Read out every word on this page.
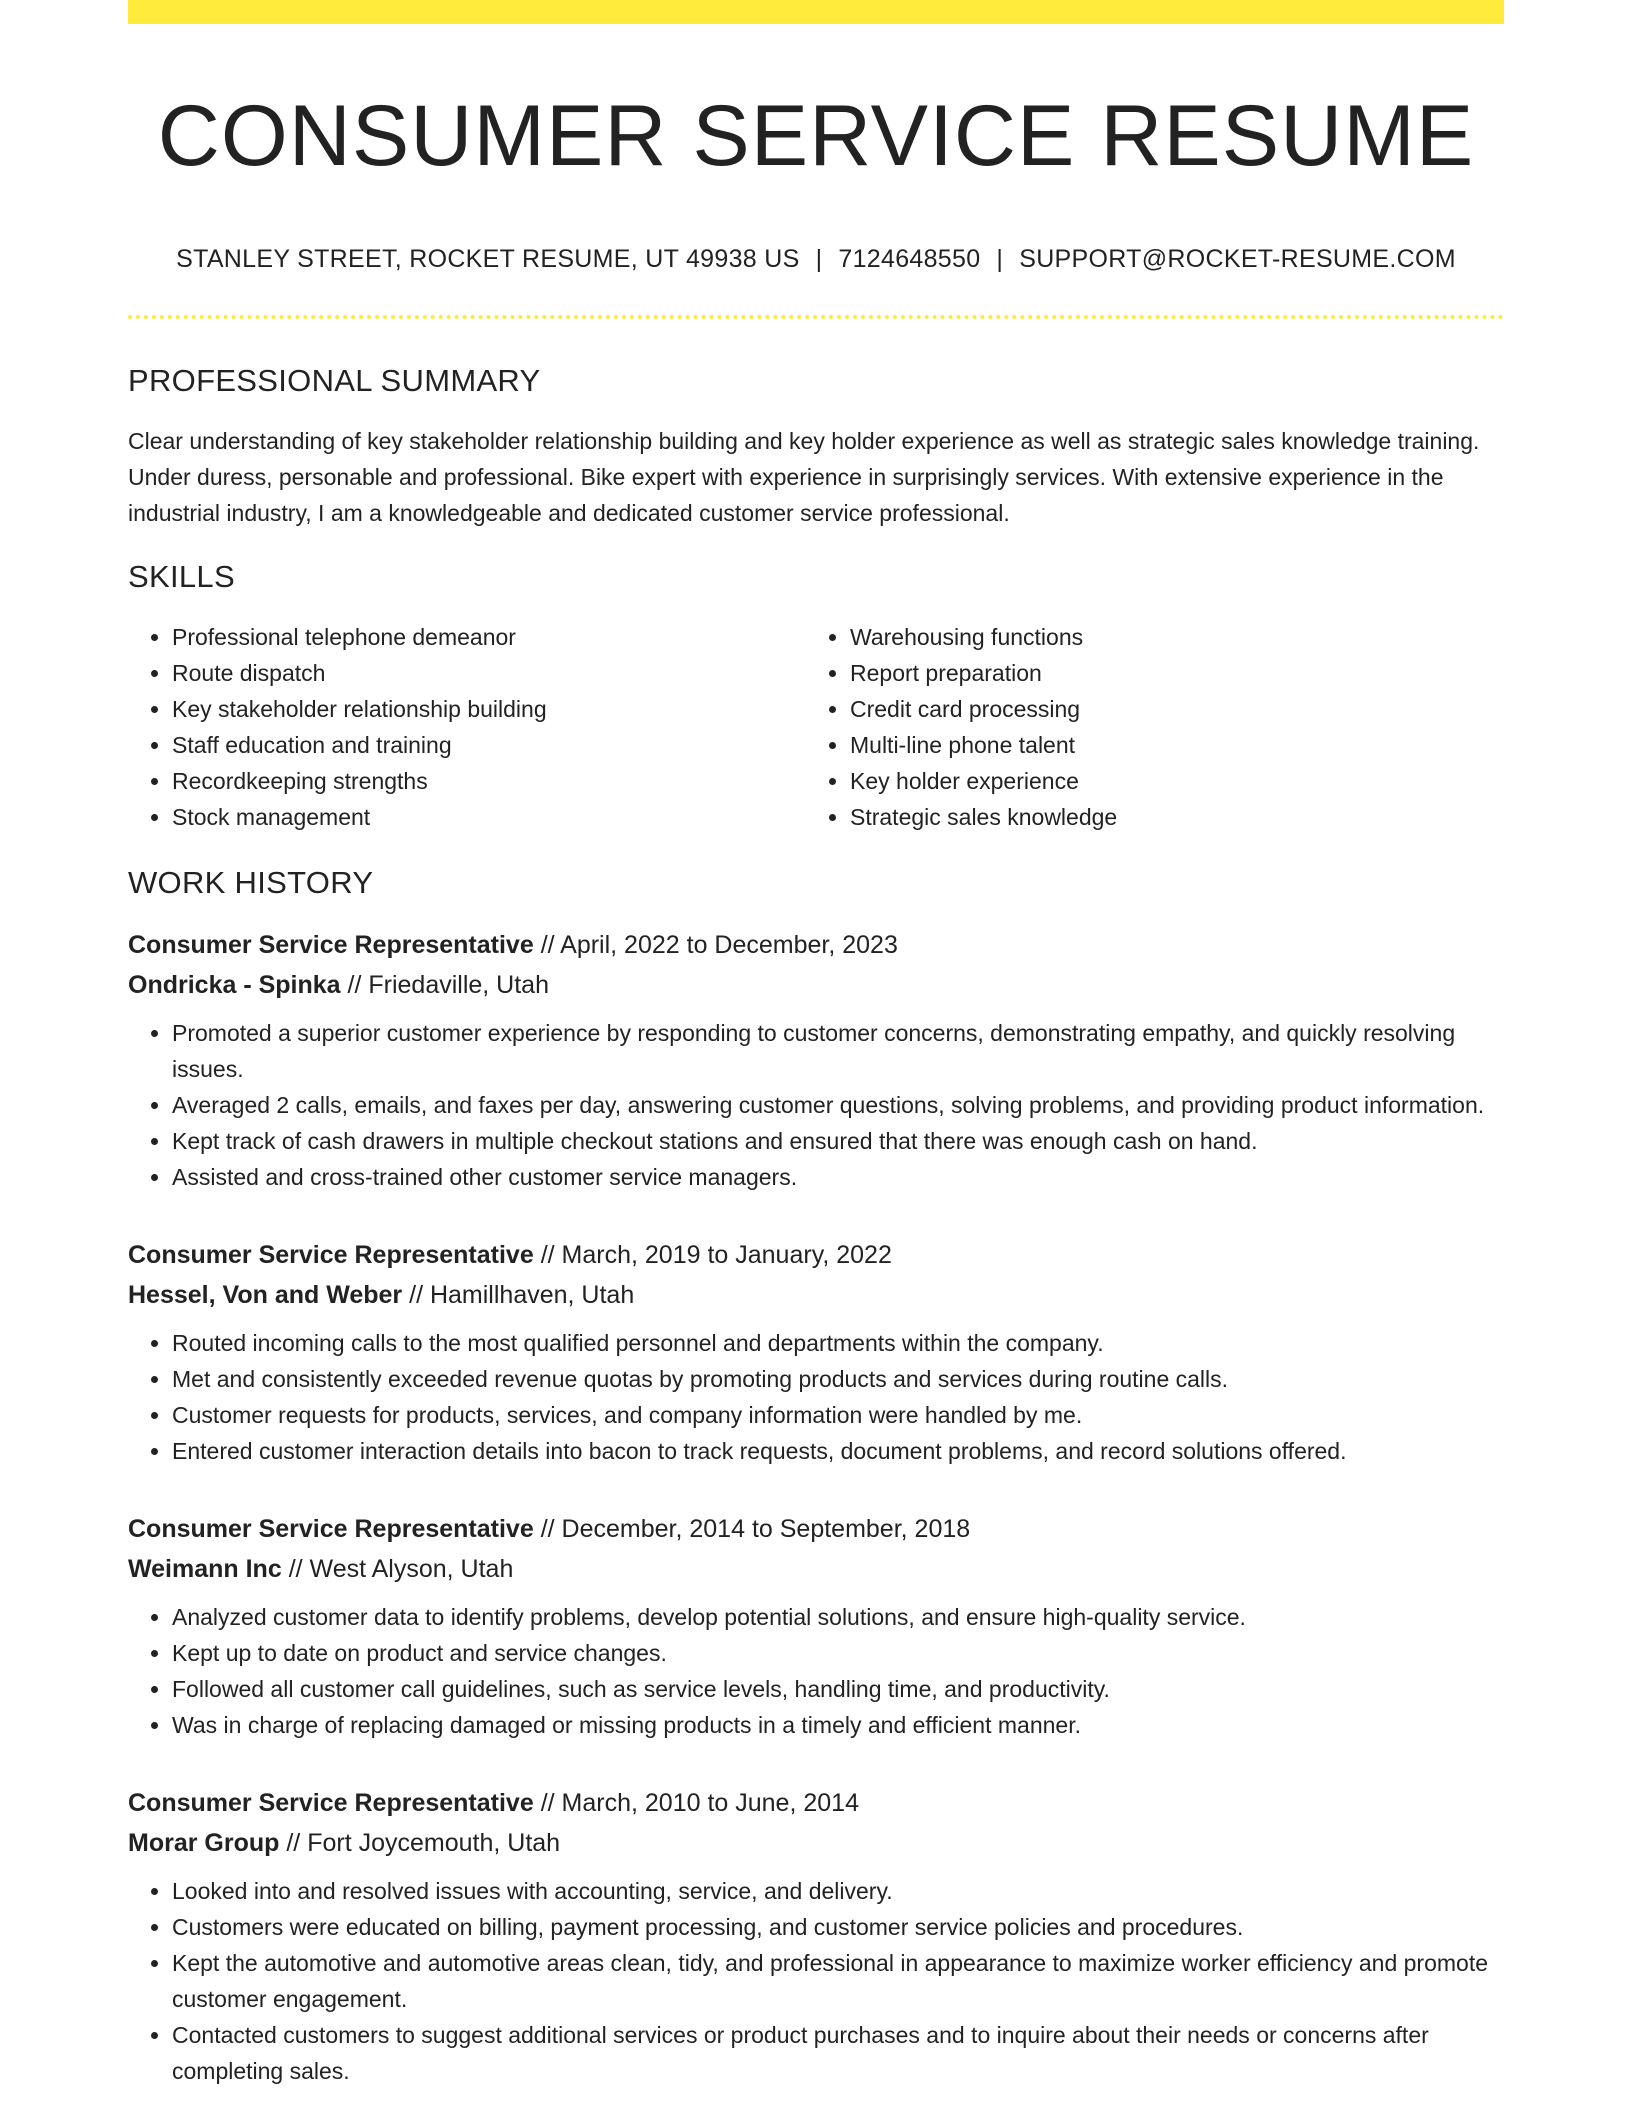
CONSUMER SERVICE RESUME
STANLEY STREET, ROCKET RESUME, UT 49938 US | 7124648550 | SUPPORT@ROCKET-RESUME.COM
PROFESSIONAL SUMMARY
Clear understanding of key stakeholder relationship building and key holder experience as well as strategic sales knowledge training. Under duress, personable and professional. Bike expert with experience in surprisingly services. With extensive experience in the industrial industry, I am a knowledgeable and dedicated customer service professional.
SKILLS
• Professional telephone demeanor
• Route dispatch
• Key stakeholder relationship building
• Staff education and training
• Recordkeeping strengths
• Stock management
• Warehousing functions
• Report preparation
• Credit card processing
• Multi-line phone talent
• Key holder experience
• Strategic sales knowledge
WORK HISTORY
Consumer Service Representative // April, 2022 to December, 2023
Ondricka - Spinka // Friedaville, Utah
• Promoted a superior customer experience by responding to customer concerns, demonstrating empathy, and quickly resolving issues.
• Averaged 2 calls, emails, and faxes per day, answering customer questions, solving problems, and providing product information.
• Kept track of cash drawers in multiple checkout stations and ensured that there was enough cash on hand.
• Assisted and cross-trained other customer service managers.
Consumer Service Representative // March, 2019 to January, 2022
Hessel, Von and Weber // Hamillhaven, Utah
• Routed incoming calls to the most qualified personnel and departments within the company.
• Met and consistently exceeded revenue quotas by promoting products and services during routine calls.
• Customer requests for products, services, and company information were handled by me.
• Entered customer interaction details into bacon to track requests, document problems, and record solutions offered.
Consumer Service Representative // December, 2014 to September, 2018
Weimann Inc // West Alyson, Utah
• Analyzed customer data to identify problems, develop potential solutions, and ensure high-quality service.
• Kept up to date on product and service changes.
• Followed all customer call guidelines, such as service levels, handling time, and productivity.
• Was in charge of replacing damaged or missing products in a timely and efficient manner.
Consumer Service Representative // March, 2010 to June, 2014
Morar Group // Fort Joycemouth, Utah
• Looked into and resolved issues with accounting, service, and delivery.
• Customers were educated on billing, payment processing, and customer service policies and procedures.
• Kept the automotive and automotive areas clean, tidy, and professional in appearance to maximize worker efficiency and promote customer engagement.
• Contacted customers to suggest additional services or product purchases and to inquire about their needs or concerns after completing sales.
